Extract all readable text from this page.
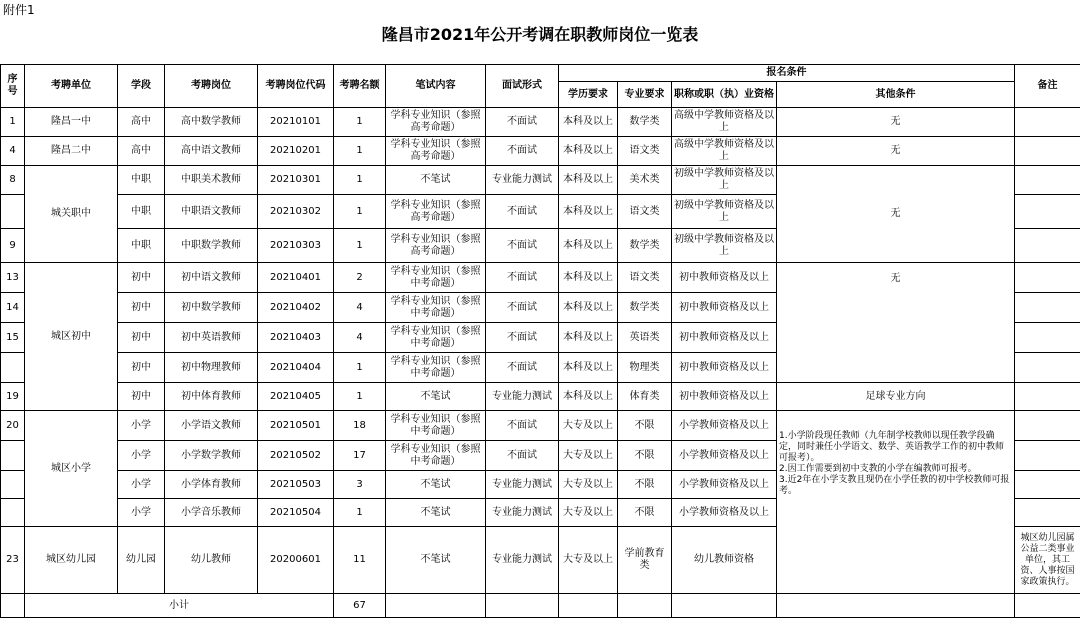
附件1
隆昌市2021年公开考调在职教师岗位一览表
序号	考聘单位	学段	考聘岗位	考聘岗位代码	考聘名额	笔试内容	面试形式	报名条件				备注
								学历要求	专业要求	职称或职（执）业资格	其他条件	
1	隆昌一中	高中	高中数学教师	20210101	1	学科专业知识（参照高考命题）	不面试	本科及以上	数学类	高级中学教师资格及以上	无	
4	隆昌二中	高中	高中语文教师	20210201	1	学科专业知识（参照高考命题）	不面试	本科及以上	语文类	高级中学教师资格及以上	无	
8	城关职中	中职	中职美术教师	20210301	1	不笔试	专业能力测试	本科及以上	美术类	初级中学教师资格及以上	无	
		中职	中职语文教师	20210302	1	学科专业知识（参照高考命题）	不面试	本科及以上	语文类	初级中学教师资格及以上		
9		中职	中职数学教师	20210303	1	学科专业知识（参照高考命题）	不面试	本科及以上	数学类	初级中学教师资格及以上		
13	城区初中	初中	初中语文教师	20210401	2	学科专业知识（参照中考命题）	不面试	本科及以上	语文类	初中教师资格及以上	无	
14		初中	初中数学教师	20210402	4	学科专业知识（参照中考命题）	不面试	本科及以上	数学类	初中教师资格及以上		
15		初中	初中英语教师	20210403	4	学科专业知识（参照中考命题）	不面试	本科及以上	英语类	初中教师资格及以上		
		初中	初中物理教师	20210404	1	学科专业知识（参照中考命题）	不面试	本科及以上	物理类	初中教师资格及以上		
19		初中	初中体育教师	20210405	1	不笔试	专业能力测试	本科及以上	体育类	初中教师资格及以上	足球专业方向	
20	城区小学	小学	小学语文教师	20210501	18	学科专业知识（参照中考命题）	不面试	大专及以上	不限	小学教师资格及以上	1.小学阶段现任教师（九年制学校教师以现任教学段确定，同时兼任小学语文、数学、英语教学工作的初中教师可报考）。
2.因工作需要到初中支教的小学在编教师可报考。
3.近2年在小学支教且现仍在小学任教的初中学校教师可报考。	
		小学	小学数学教师	20210502	17	学科专业知识（参照中考命题）	不面试	大专及以上	不限	小学教师资格及以上		
		小学	小学体育教师	20210503	3	不笔试	专业能力测试	大专及以上	不限	小学教师资格及以上		
		小学	小学音乐教师	20210504	1	不笔试	专业能力测试	大专及以上	不限	小学教师资格及以上		
23	城区幼儿园	幼儿园	幼儿教师	20200601	11	不笔试	专业能力测试	大专及以上	学前教育类	幼儿教师资格		城区幼儿园属公益二类事业单位，其工资、人事按国家政策执行。
	小计				67							
